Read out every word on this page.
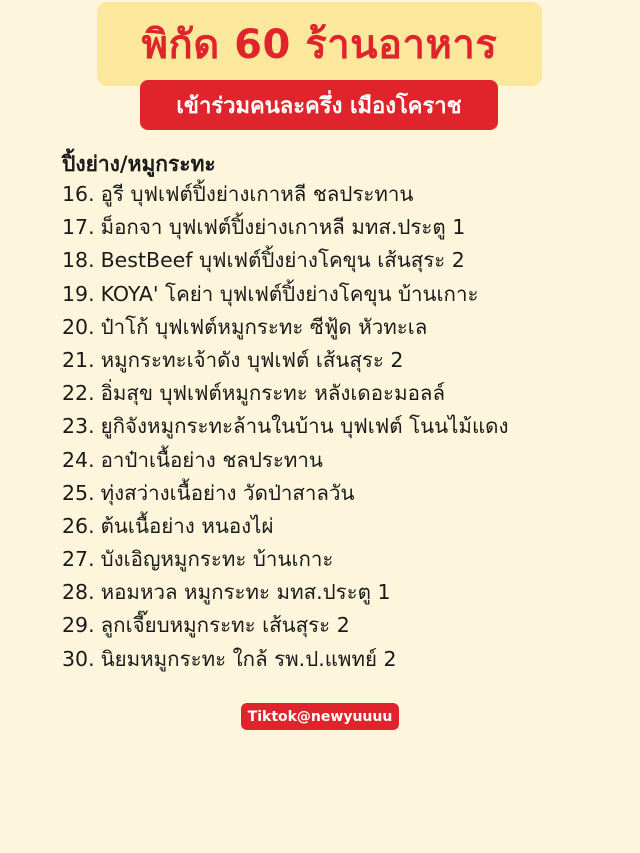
พิกัด 60 ร้านอาหาร
เข้าร่วมคนละครึ่ง เมืองโคราช
ปิ้งย่าง/หมูกระทะ
16. อูรี บุฟเฟต์ปิ้งย่างเกาหลี ชลประทาน
17. ม็อกจา บุฟเฟต์ปิ้งย่างเกาหลี มทส.ประตู 1
18. BestBeef บุฟเฟต์ปิ้งย่างโคขุน เส้นสุระ 2
19. KOYA' โคย่า บุฟเฟต์ปิ้งย่างโคขุน บ้านเกาะ
20. ป๋าโก้ บุฟเฟต์หมูกระทะ ซีฟู้ด หัวทะเล
21. หมูกระทะเจ้าดัง บุฟเฟต์ เส้นสุระ 2
22. อิ่มสุข บุฟเฟต์หมูกระทะ หลังเดอะมอลล์
23. ยูกิจังหมูกระทะล้านในบ้าน บุฟเฟต์ โนนไม้แดง
24. อาป๋าเนื้อย่าง ชลประทาน
25. ทุ่งสว่างเนื้อย่าง วัดป่าสาลวัน
26. ต้นเนื้อย่าง หนองไผ่
27. บังเอิญหมูกระทะ บ้านเกาะ
28. หอมหวล หมูกระทะ มทส.ประตู 1
29. ลูกเจี๊ยบหมูกระทะ เส้นสุระ 2
30. นิยมหมูกระทะ ใกล้ รพ.ป.แพทย์ 2
Tiktok@newyuuuu
